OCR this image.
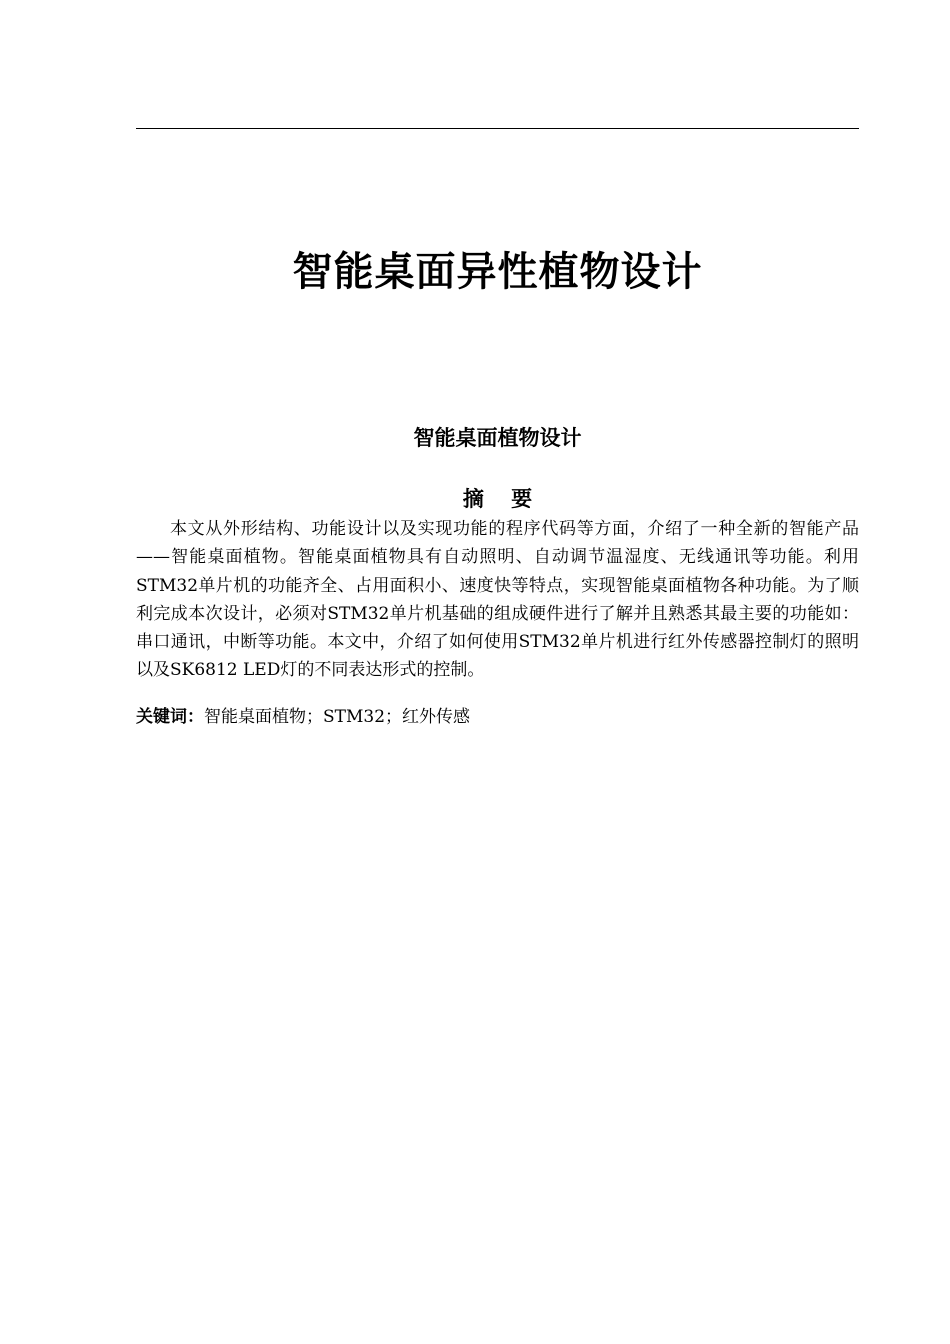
智能桌面异性植物设计
智能桌面植物设计
摘 要

本文从外形结构、功能设计以及实现功能的程序代码等方面，介绍了一种全新的智能产品——智能桌面植物。智能桌面植物具有自动照明、自动调节温湿度、无线通讯等功能。利用STM32单片机的功能齐全、占用面积小、速度快等特点，实现智能桌面植物各种功能。为了顺利完成本次设计，必须对STM32单片机基础的组成硬件进行了解并且熟悉其最主要的功能如：串口通讯，中断等功能。本文中，介绍了如何使用STM32单片机进行红外传感器控制灯的照明以及SK6812 LED灯的不同表达形式的控制。

关键词：智能桌面植物；STM32；红外传感
